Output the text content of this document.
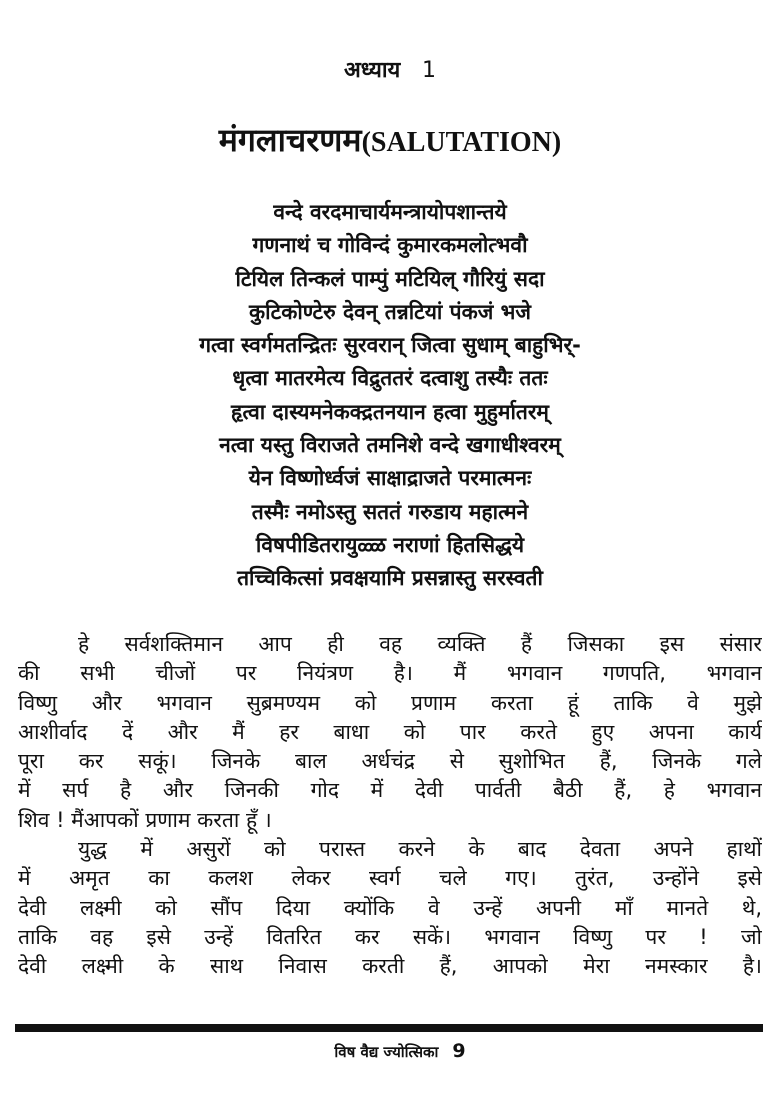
अध्याय 1
मंगलाचरणम(SALUTATION)
वन्दे वरदमाचार्यमन्त्रायोपशान्तये
गणनाथं च गोविन्दं कुमारकमलोत्भवौ
टियिल तिन्कलं पाम्पुं मटियिल् गौरियुं सदा
कुटिकोण्टेरु देवन् तन्नटियां पंकजं भजे
गत्वा स्वर्गमतन्द्रितः सुरवरान् जित्वा सुधाम् बाहुभिर्-
धृत्वा मातरमेत्य विद्रुततरं दत्वाशु तस्यैः ततः
हृत्वा दास्यमनेकक्द्रतनयान हत्वा मुहुर्मातरम्
नत्वा यस्तु विराजते तमनिशे वन्दे खगाधीश्वरम्
येन विष्णोर्ध्वजं साक्षाद्राजते परमात्मनः
तस्मैः नमोऽस्तु सततं गरुडाय महात्मने
विषपीडितरायुळ्ळ नराणां हितसिद्धये
तच्चिकित्सां प्रवक्षयामि प्रसन्नास्तु सरस्वती
हे सर्वशक्तिमान आप ही वह व्यक्ति हैं जिसका इस संसार
की सभी चीजों पर नियंत्रण है। मैं भगवान गणपति, भगवान
विष्णु और भगवान सुब्रमण्यम को प्रणाम करता हूं ताकि वे मुझे
आशीर्वाद दें और मैं हर बाधा को पार करते हुए अपना कार्य
पूरा कर सकूं। जिनके बाल अर्धचंद्र से सुशोभित हैं, जिनके गले
में सर्प है और जिनकी गोद में देवी पार्वती बैठी हैं, हे भगवान
शिव ! मैंआपकों प्रणाम करता हूँ ।
युद्ध में असुरों को परास्त करने के बाद देवता अपने हाथों
में अमृत का कलश लेकर स्वर्ग चले गए। तुरंत, उन्होंने इसे
देवी लक्ष्मी को सौंप दिया क्योंकि वे उन्हें अपनी माँ मानते थे,
ताकि वह इसे उन्हें वितरित कर सकें। भगवान विष्णु पर ! जो
देवी लक्ष्मी के साथ निवास करती हैं, आपको मेरा नमस्कार है।
विष वैद्य ज्योत्सिका 9
